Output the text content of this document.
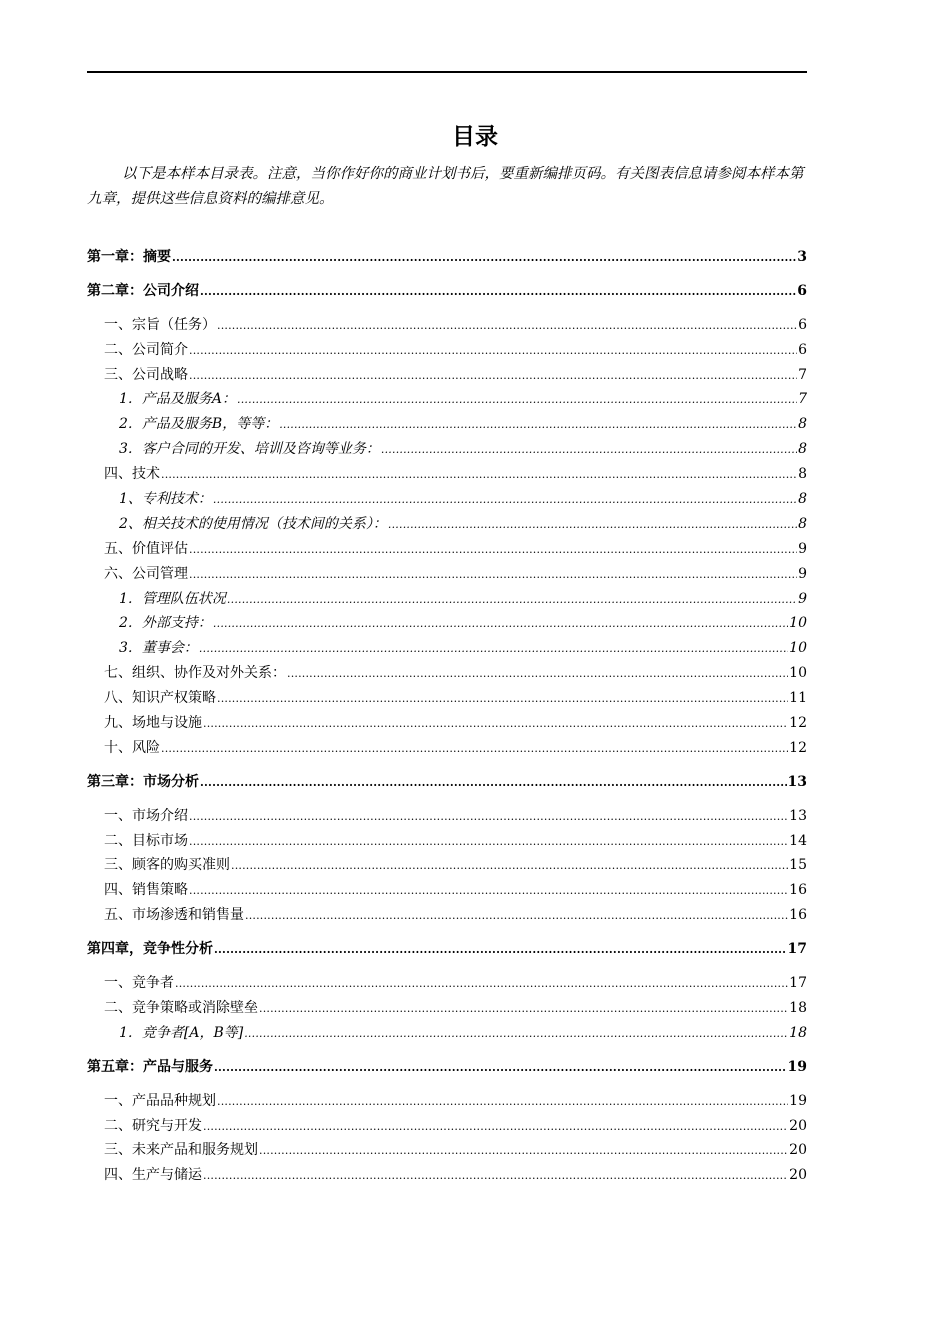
目录

以下是本样本目录表。注意，当你作好你的商业计划书后，要重新编排页码。有关图表信息请参阅本样本第九章，提供这些信息资料的编排意见。

第一章：摘要 .....	3
第二章：公司介绍 .....	6
一、宗旨（任务） .....	6
二、公司简介 .....	6
三、公司战略 .....	7
1．产品及服务A： .....	7
2．产品及服务B，等等： .....	8
3．客户合同的开发、培训及咨询等业务： .....	8
四、技术 .....	8
1、专利技术： .....	8
2、相关技术的使用情况（技术间的关系）： .....	8
五、价值评估 .....	9
六、公司管理 .....	9
1．管理队伍状况 .....	9
2．外部支持： .....	10
3．董事会： .....	10
七、组织、协作及对外关系： .....	10
八、知识产权策略 .....	11
九、场地与设施 .....	12
十、风险 .....	12
第三章：市场分析 .....	13
一、市场介绍 .....	13
二、目标市场 .....	14
三、顾客的购买准则 .....	15
四、销售策略 .....	16
五、市场渗透和销售量 .....	16
第四章，竞争性分析 .....	17
一、竞争者 .....	17
二、竞争策略或消除壁垒 .....	18
1．竞争者[A，B等] .....	18
第五章：产品与服务 .....	19
一、产品品种规划 .....	19
二、研究与开发 .....	20
三、未来产品和服务规划 .....	20
四、生产与储运 .....	20
